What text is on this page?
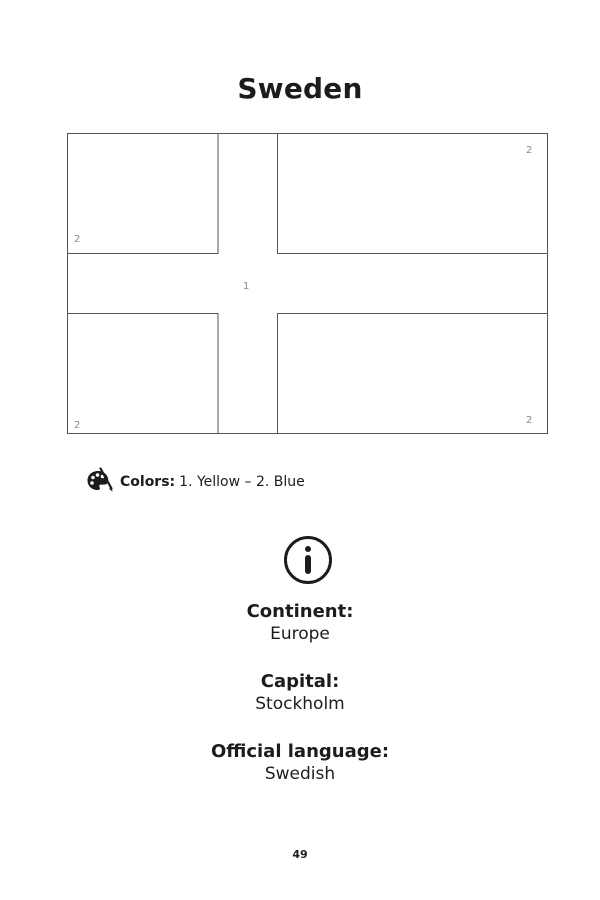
Sweden
1
2
2
2	2
Colors: 1. Yellow – 2. Blue
Continent:
Europe
Capital:
Stockholm
Official language:
Swedish
49
